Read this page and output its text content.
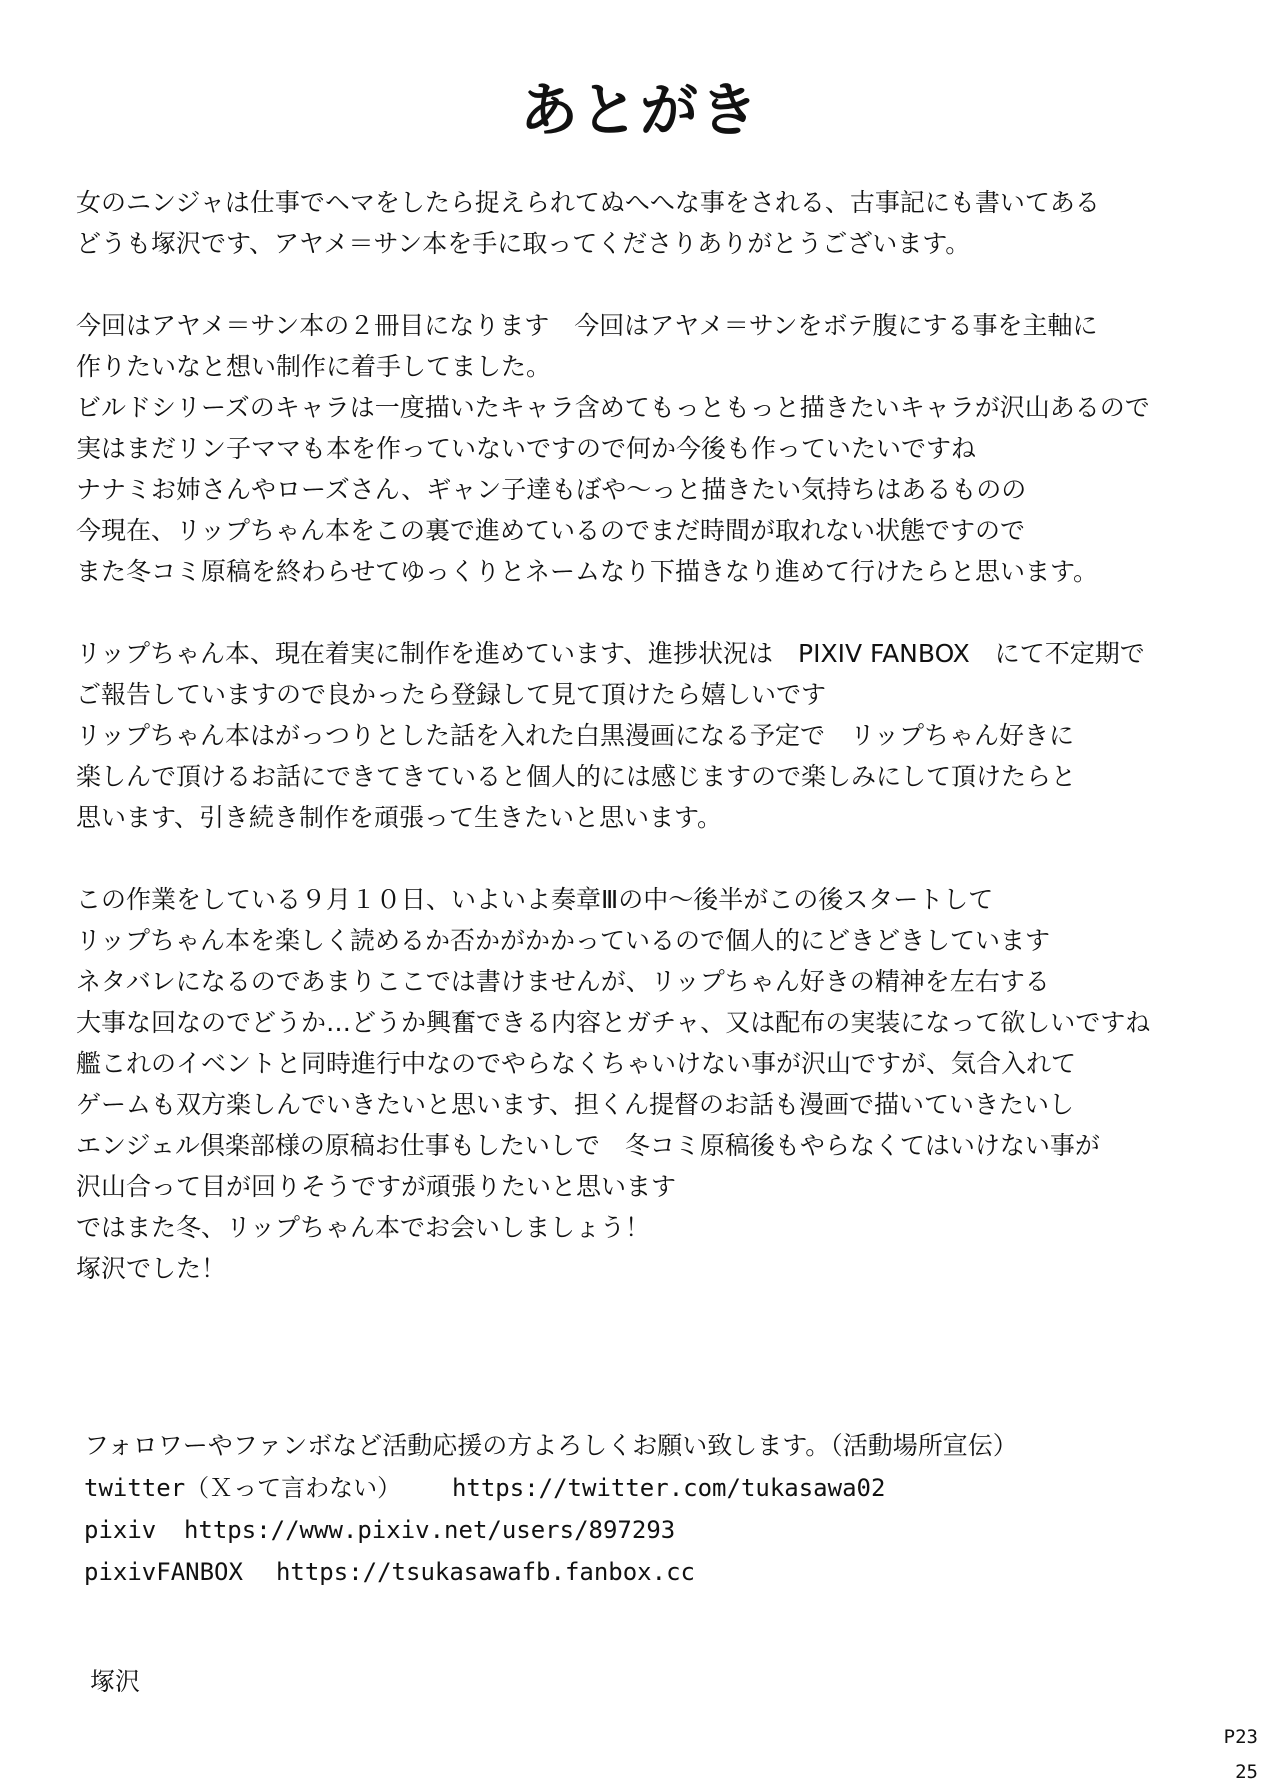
あとがき
女のニンジャは仕事でヘマをしたら捉えられてぬへへな事をされる、古事記にも書いてある
どうも塚沢です、アヤメ＝サン本を手に取ってくださりありがとうございます。
今回はアヤメ＝サン本の２冊目になります　今回はアヤメ＝サンをボテ腹にする事を主軸に
作りたいなと想い制作に着手してました。
ビルドシリーズのキャラは一度描いたキャラ含めてもっともっと描きたいキャラが沢山あるので
実はまだリン子ママも本を作っていないですので何か今後も作っていたいですね
ナナミお姉さんやローズさん、ギャン子達もぼや～っと描きたい気持ちはあるものの
今現在、リップちゃん本をこの裏で進めているのでまだ時間が取れない状態ですので
また冬コミ原稿を終わらせてゆっくりとネームなり下描きなり進めて行けたらと思います。
リップちゃん本、現在着実に制作を進めています、進捗状況は　PIXIV FANBOX　にて不定期で
ご報告していますので良かったら登録して見て頂けたら嬉しいです
リップちゃん本はがっつりとした話を入れた白黒漫画になる予定で　リップちゃん好きに
楽しんで頂けるお話にできてきていると個人的には感じますので楽しみにして頂けたらと
思います、引き続き制作を頑張って生きたいと思います。
この作業をしている９月１０日、いよいよ奏章Ⅲの中～後半がこの後スタートして
リップちゃん本を楽しく読めるか否かがかかっているので個人的にどきどきしています
ネタバレになるのであまりここでは書けませんが、リップちゃん好きの精神を左右する
大事な回なのでどうか…どうか興奮できる内容とガチャ、又は配布の実装になって欲しいですね
艦これのイベントと同時進行中なのでやらなくちゃいけない事が沢山ですが、気合入れて
ゲームも双方楽しんでいきたいと思います、担くん提督のお話も漫画で描いていきたいし
エンジェル倶楽部様の原稿お仕事もしたいしで　冬コミ原稿後もやらなくてはいけない事が
沢山合って目が回りそうですが頑張りたいと思います
ではまた冬、リップちゃん本でお会いしましょう！
塚沢でした！
フォロワーやファンボなど活動応援の方よろしくお願い致します。（活動場所宣伝）
twitter（Ｘって言わない） https://twitter.com/tukasawa02
pixiv https://www.pixiv.net/users/897293
pixivFANBOX https://tsukasawafb.fanbox.cc
塚沢
P23
25
